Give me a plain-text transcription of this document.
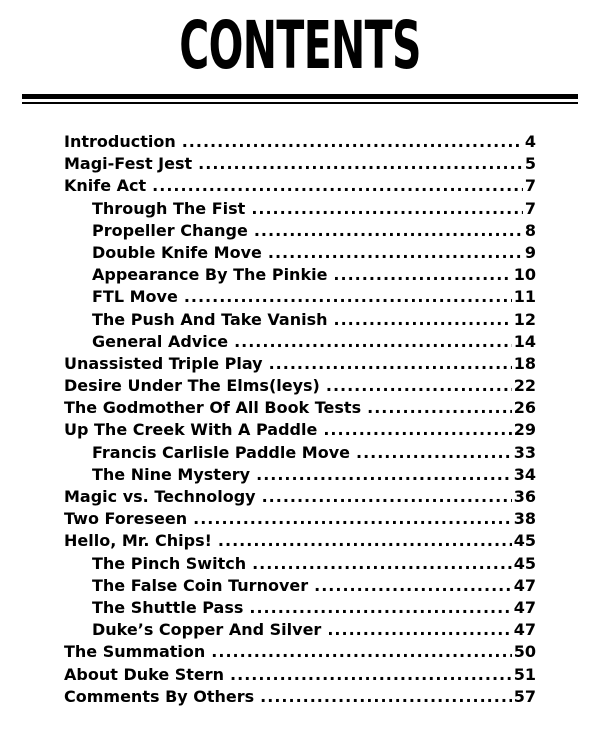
CONTENTS
Introduction .....	4
Magi-Fest Jest .....	5
Knife Act .....	7
Through The Fist .....	7
Propeller Change .....	8
Double Knife Move .....	9
Appearance By The Pinkie .....	10
FTL Move .....	11
The Push And Take Vanish .....	12
General Advice .....	14
Unassisted Triple Play .....	18
Desire Under The Elms(leys) .....	22
The Godmother Of All Book Tests .....	26
Up The Creek With A Paddle .....	29
Francis Carlisle Paddle Move .....	33
The Nine Mystery .....	34
Magic vs. Technology .....	36
Two Foreseen .....	38
Hello, Mr. Chips! .....	45
The Pinch Switch .....	45
The False Coin Turnover .....	47
The Shuttle Pass .....	47
Duke’s Copper And Silver .....	47
The Summation .....	50
About Duke Stern .....	51
Comments By Others .....	57
